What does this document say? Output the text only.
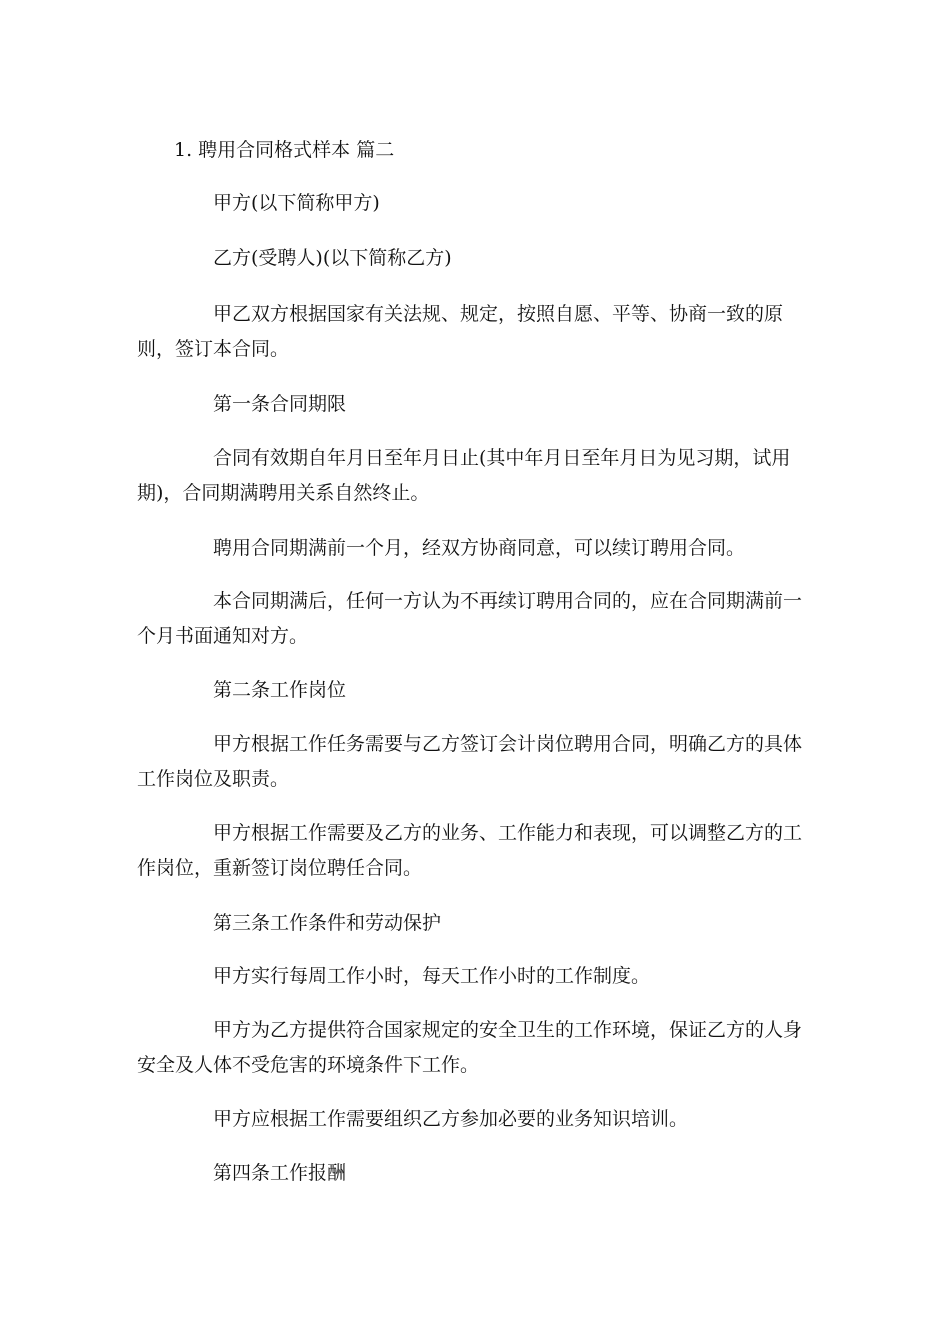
1. 聘用合同格式样本 篇二

甲方(以下简称甲方)

乙方(受聘人)(以下简称乙方)

甲乙双方根据国家有关法规、规定，按照自愿、平等、协商一致的原则，签订本合同。

第一条合同期限

合同有效期自年月日至年月日止(其中年月日至年月日为见习期，试用期)，合同期满聘用关系自然终止。

聘用合同期满前一个月，经双方协商同意，可以续订聘用合同。

本合同期满后，任何一方认为不再续订聘用合同的，应在合同期满前一个月书面通知对方。

第二条工作岗位

甲方根据工作任务需要与乙方签订会计岗位聘用合同，明确乙方的具体工作岗位及职责。

甲方根据工作需要及乙方的业务、工作能力和表现，可以调整乙方的工作岗位，重新签订岗位聘任合同。

第三条工作条件和劳动保护

甲方实行每周工作小时，每天工作小时的工作制度。

甲方为乙方提供符合国家规定的安全卫生的工作环境，保证乙方的人身安全及人体不受危害的环境条件下工作。

甲方应根据工作需要组织乙方参加必要的业务知识培训。

第四条工作报酬
